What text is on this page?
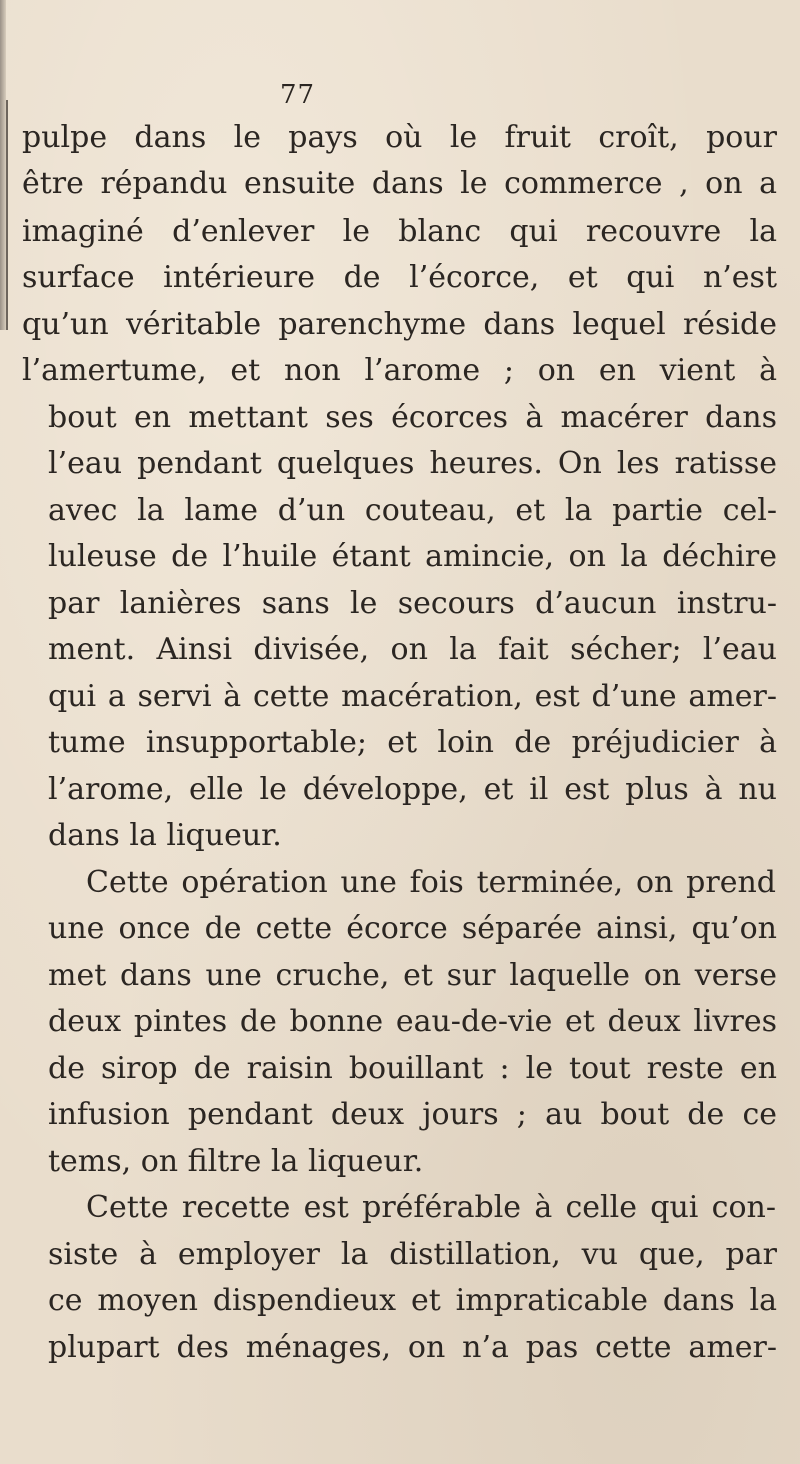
77
pulpe dans le pays où le fruit croît, pour
être répandu ensuite dans le commerce , on a
imaginé d’enlever le blanc qui recouvre la
surface intérieure de l’écorce, et qui n’est
qu’un véritable parenchyme dans lequel réside
l’amertume, et non l’arome ; on en vient à
bout en mettant ses écorces à macérer dans
l’eau pendant quelques heures. On les ratisse
avec la lame d’un couteau, et la partie cel-
luleuse de l’huile étant amincie, on la déchire
par lanières sans le secours d’aucun instru-
ment. Ainsi divisée, on la fait sécher; l’eau
qui a servi à cette macération, est d’une amer-
tume insupportable; et loin de préjudicier à
l’arome, elle le développe, et il est plus à nu
dans la liqueur.
Cette opération une fois terminée, on prend
une once de cette écorce séparée ainsi, qu’on
met dans une cruche, et sur laquelle on verse
deux pintes de bonne eau-de-vie et deux livres
de sirop de raisin bouillant : le tout reste en
infusion pendant deux jours ; au bout de ce
tems, on filtre la liqueur.
Cette recette est préférable à celle qui con-
siste à employer la distillation, vu que, par
ce moyen dispendieux et impraticable dans la
plupart des ménages, on n’a pas cette amer-
